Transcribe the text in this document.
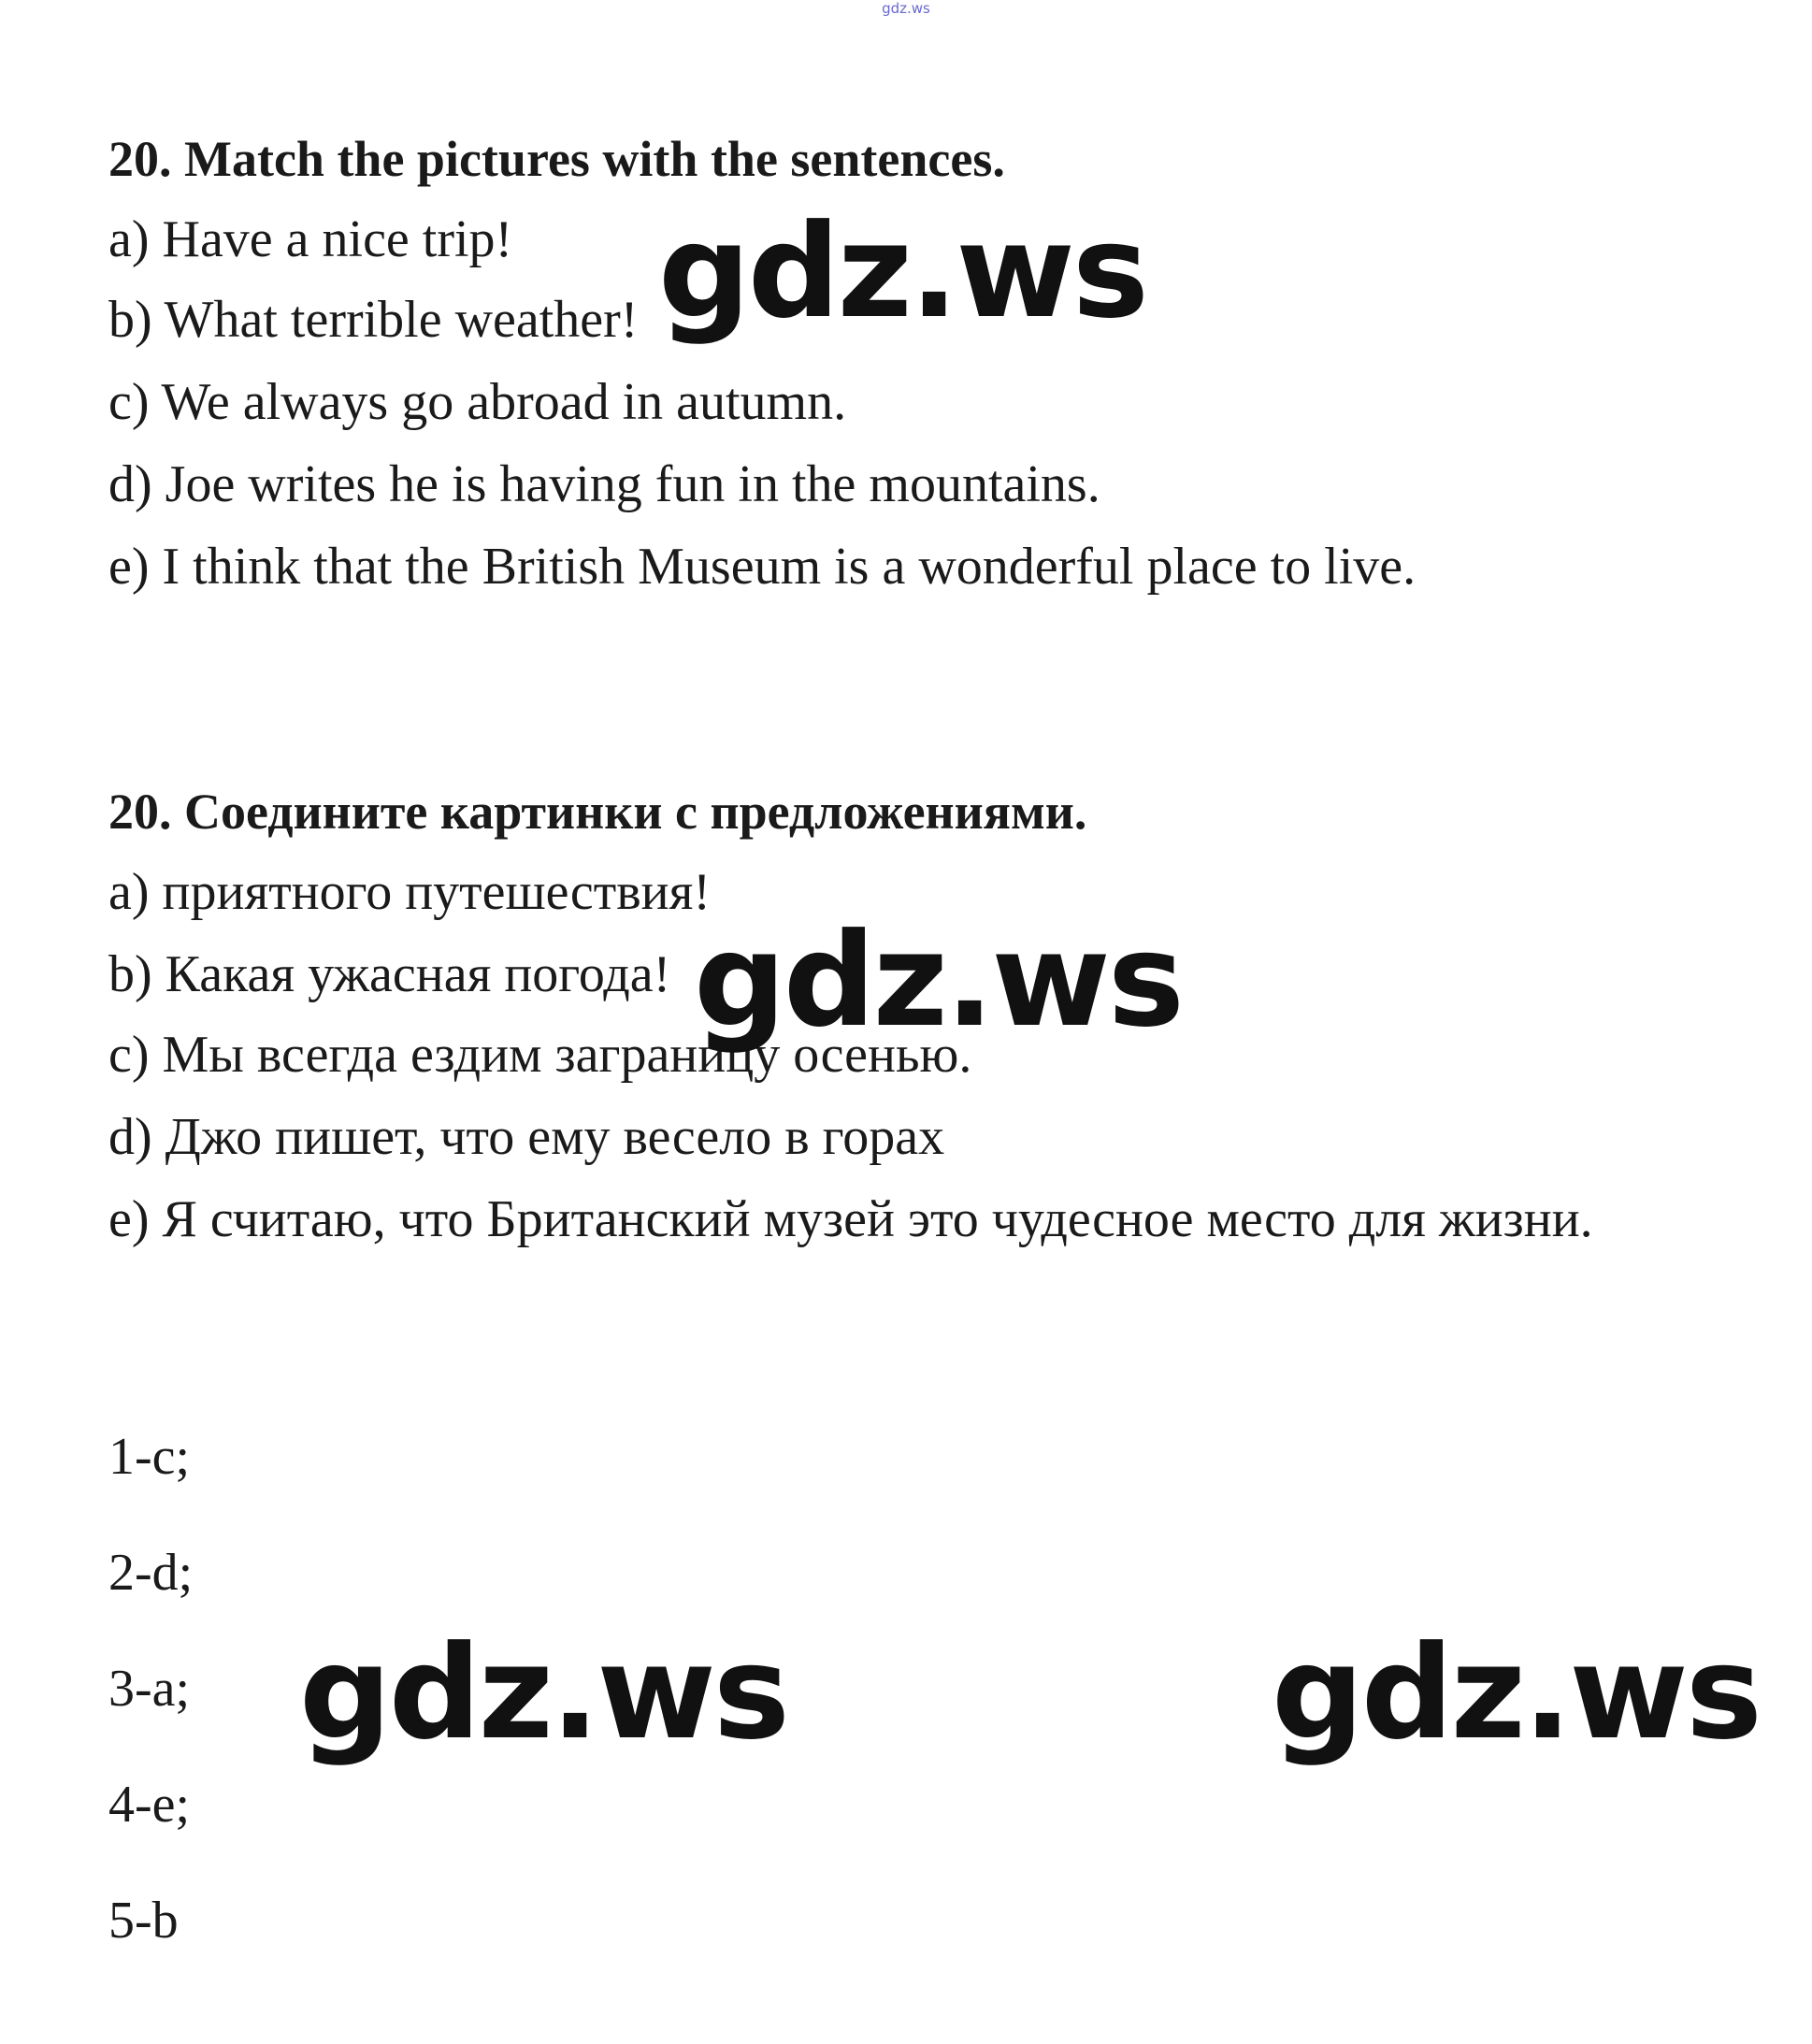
gdz.ws
20. Match the pictures with the sentences.
a) Have a nice trip!
b) What terrible weather!
c) We always go abroad in autumn.
d) Joe writes he is having fun in the mountains.
e) I think that the British Museum is a wonderful place to live.
20. Соедините картинки с предложениями.
a) приятного путешествия!
b) Какая ужасная погода!
c) Мы всегда ездим заграницу осенью.
d) Джо пишет, что ему весело в горах
e) Я считаю, что Британский музей это чудесное место для жизни.
1-c;
2-d;
3-a;
4-e;
5-b
gdz.ws
gdz.ws
gdz.ws	gdz.ws
